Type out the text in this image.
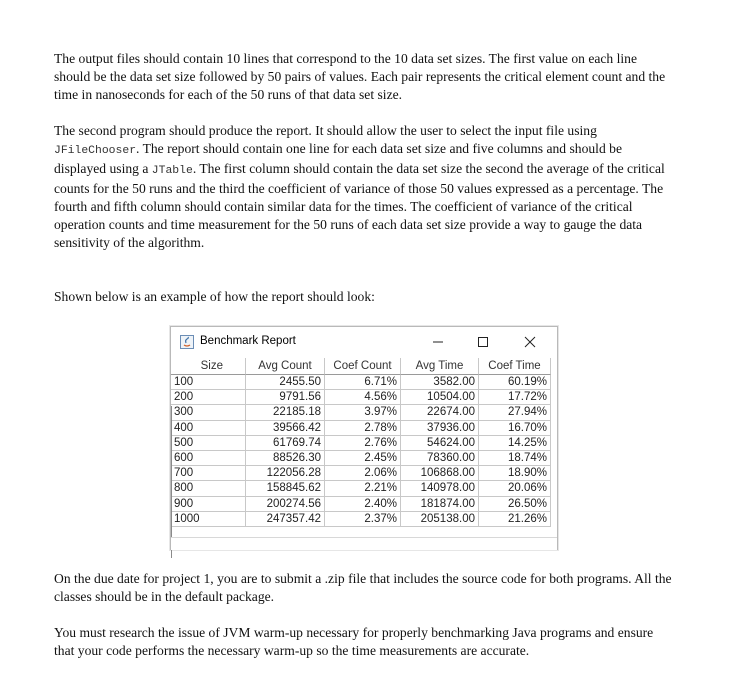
The output files should contain 10 lines that correspond to the 10 data set sizes. The first value on each line should be the data set size followed by 50 pairs of values. Each pair represents the critical element count and the time in nanoseconds for each of the 50 runs of that data set size.

The second program should produce the report. It should allow the user to select the input file using JFileChooser. The report should contain one line for each data set size and five columns and should be displayed using a JTable. The first column should contain the data set size the second the average of the critical counts for the 50 runs and the third the coefficient of variance of those 50 values expressed as a percentage. The fourth and fifth column should contain similar data for the times. The coefficient of variance of the critical operation counts and time measurement for the 50 runs of each data set size provide a way to gauge the data sensitivity of the algorithm.

Shown below is an example of how the report should look:

Benchmark Report
Size	Avg Count	Coef Count	Avg Time	Coef Time
100	2455.50	6.71%	3582.00	60.19%
200	9791.56	4.56%	10504.00	17.72%
300	22185.18	3.97%	22674.00	27.94%
400	39566.42	2.78%	37936.00	16.70%
500	61769.74	2.76%	54624.00	14.25%
600	88526.30	2.45%	78360.00	18.74%
700	122056.28	2.06%	106868.00	18.90%
800	158845.62	2.21%	140978.00	20.06%
900	200274.56	2.40%	181874.00	26.50%
1000	247357.42	2.37%	205138.00	21.26%

On the due date for project 1, you are to submit a .zip file that includes the source code for both programs. All the classes should be in the default package.

You must research the issue of JVM warm-up necessary for properly benchmarking Java programs and ensure that your code performs the necessary warm-up so the time measurements are accurate.
